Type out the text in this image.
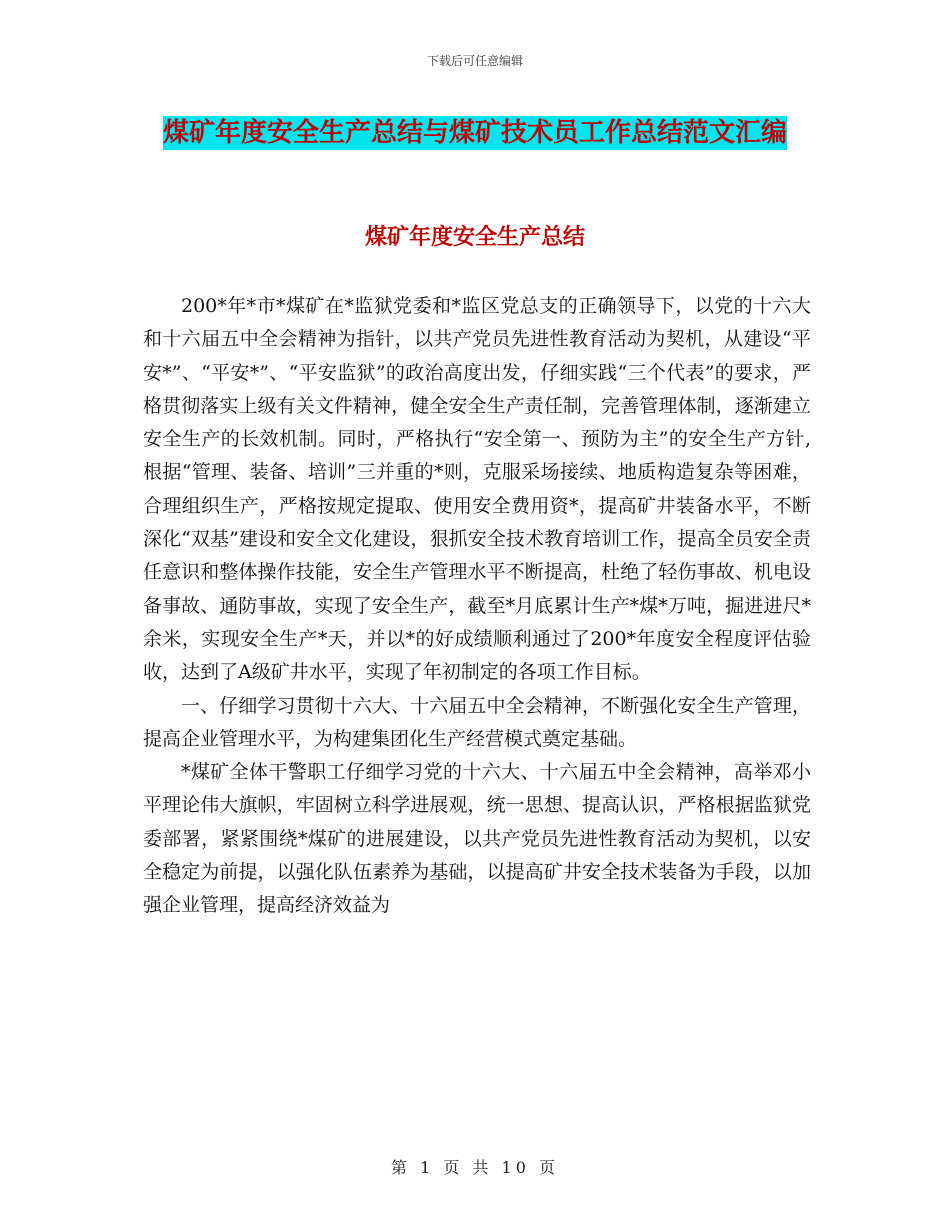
下载后可任意编辑
煤矿年度安全生产总结与煤矿技术员工作总结范文汇编
煤矿年度安全生产总结

200*年*市*煤矿在*监狱党委和*监区党总支的正确领导下，以党的十六大和十六届五中全会精神为指针，以共产党员先进性教育活动为契机，从建设“平安*”、“平安*”、“平安监狱”的政治高度出发，仔细实践“三个代表”的要求，严格贯彻落实上级有关文件精神，健全安全生产责任制，完善管理体制，逐渐建立安全生产的长效机制。同时，严格执行“安全第一、预防为主”的安全生产方针,根据“管理、装备、培训”三并重的*则，克服采场接续、地质构造复杂等困难，合理组织生产，严格按规定提取、使用安全费用资*，提高矿井装备水平，不断深化“双基”建设和安全文化建设，狠抓安全技术教育培训工作，提高全员安全责任意识和整体操作技能，安全生产管理水平不断提高，杜绝了轻伤事故、机电设备事故、通防事故，实现了安全生产，截至*月底累计生产*煤*万吨，掘进进尺*余米，实现安全生产*天，并以*的好成绩顺利通过了200*年度安全程度评估验收，达到了A级矿井水平，实现了年初制定的各项工作目标。

一、仔细学习贯彻十六大、十六届五中全会精神，不断强化安全生产管理，提高企业管理水平，为构建集团化生产经营模式奠定基础。

*煤矿全体干警职工仔细学习党的十六大、十六届五中全会精神，高举邓小平理论伟大旗帜，牢固树立科学进展观，统一思想、提高认识，严格根据监狱党委部署，紧紧围绕*煤矿的进展建设，以共产党员先进性教育活动为契机，以安全稳定为前提，以强化队伍素养为基础，以提高矿井安全技术装备为手段，以加强企业管理，提高经济效益为

第 1 页 共 10 页
